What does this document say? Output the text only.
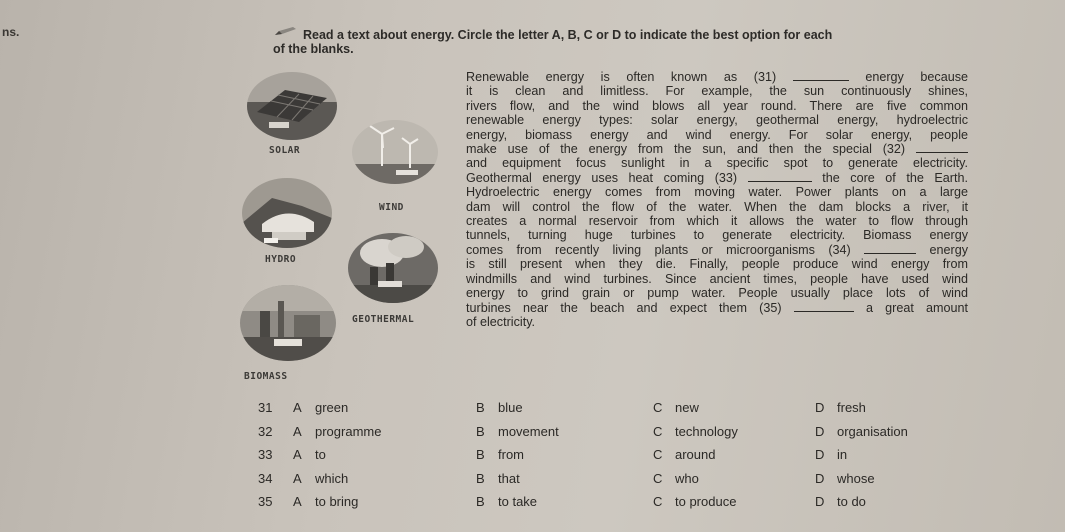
ns.	Read a text about energy. Circle the letter A, B, C or D to indicate the best option for each
of the blanks.
SOLAR
WIND
HYDRO
GEOTHERMAL
BIOMASS
Renewable energy is often known as (31)	energy because
it is clean and limitless. For example, the sun continuously shines,
rivers flow, and the wind blows all year round. There are five common
renewable energy types: solar energy, geothermal energy, hydroelectric
energy, biomass energy and wind energy. For solar energy, people
make use of the energy from the sun, and then the special (32)
and equipment focus sunlight in a specific spot to generate electricity.
Geothermal energy uses heat coming (33)	the core of the Earth.
Hydroelectric energy comes from moving water. Power plants on a large
dam will control the flow of the water. When the dam blocks a river, it
creates a normal reservoir from which it allows the water to flow through
tunnels, turning huge turbines to generate electricity. Biomass energy
comes from recently living plants or microorganisms (34)	energy
is still present when they die. Finally, people produce wind energy from
windmills and wind turbines. Since ancient times, people have used wind
energy to grind grain or pump water. People usually place lots of wind
turbines near the beach and expect them (35)	a great amount
of electricity.
31 A green	B blue	C new	D fresh
32 A programme	B movement	C technology	D organisation
33 A to	B from	C around	D in
34 A which	B that	C who	D whose
35 A to bring	B to take	C to produce	D to do
